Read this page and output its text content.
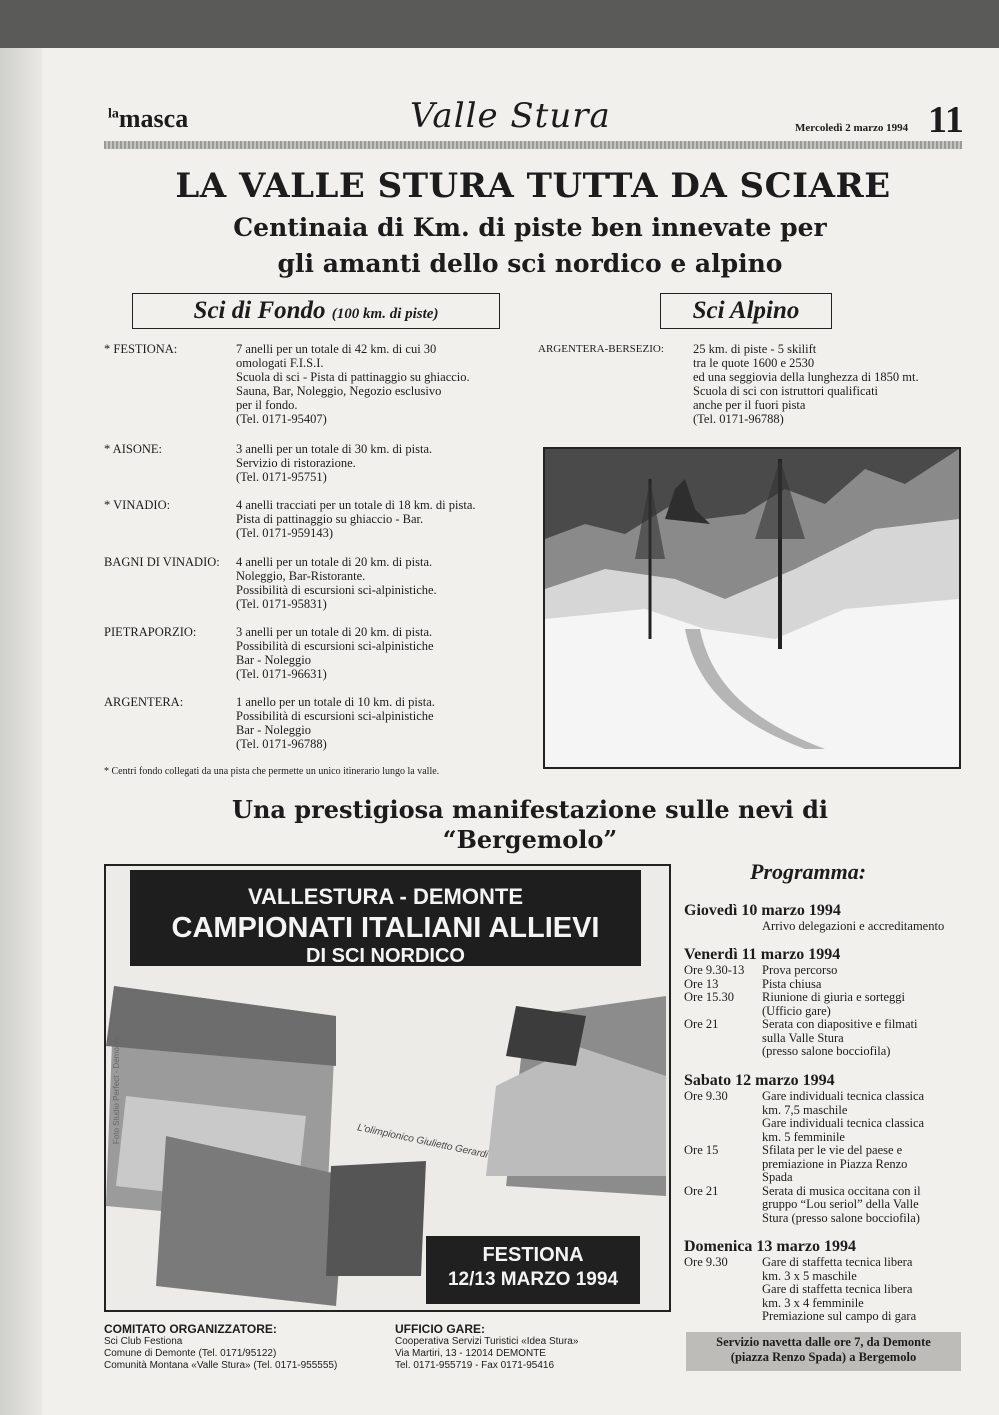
$^{la}$masca	Valle Stura	Mercoledì 2 marzo 1994 11
LA VALLE STURA TUTTA DA SCIARE
Centinaia di Km. di piste ben innevate per
gli amanti dello sci nordico e alpino
Sci di Fondo (100 km. di piste)	Sci Alpino
* FESTIONA:	7 anelli per un totale di 42 km. di cui 30
omologati F.I.S.I.
Scuola di sci - Pista di pattinaggio su ghiaccio.
Sauna, Bar, Noleggio, Negozio esclusivo
per il fondo.
(Tel. 0171-95407)
* AISONE:	3 anelli per un totale di 30 km. di pista.
Servizio di ristorazione.
(Tel. 0171-95751)
* VINADIO:	4 anelli tracciati per un totale di 18 km. di pista.
Pista di pattinaggio su ghiaccio - Bar.
(Tel. 0171-959143)
BAGNI DI VINADIO: 4 anelli per un totale di 20 km. di pista.
Noleggio, Bar-Ristorante.
Possibilità di escursioni sci-alpinistiche.
(Tel. 0171-95831)
PIETRAPORZIO:	3 anelli per un totale di 20 km. di pista.
Possibilità di escursioni sci-alpinistiche
Bar - Noleggio
(Tel. 0171-96631)
ARGENTERA:	1 anello per un totale di 10 km. di pista.
Possibilità di escursioni sci-alpinistiche
Bar - Noleggio
(Tel. 0171-96788)
* Centri fondo collegati da una pista che permette un unico itinerario lungo la valle.
ARGENTERA-BERSEZIO: 25 km. di piste - 5 skilift
tra le quote 1600 e 2530
ed una seggiovia della lunghezza di 1850 mt.
Scuola di sci con istruttori qualificati
anche per il fuori pista
(Tel. 0171-96788)
Una prestigiosa manifestazione sulle nevi di
“Bergemolo”
VALLESTURA - DEMONTE
CAMPIONATI ITALIANI ALLIEVI
DI SCI NORDICO
L'olimpionico Giulietto Gerardi
Foto Studio Perfect - Demonte
FESTIONA
12/13 MARZO 1994
Programma:
Giovedì 10 marzo 1994
Arrivo delegazioni e accreditamento
Venerdì 11 marzo 1994
Ore 9.30-13	Prova percorso
Ore 13	Pista chiusa
Ore 15.30	Riunione di giuria e sorteggi
(Ufficio gare)
Ore 21	Serata con diapositive e filmati
sulla Valle Stura
(presso salone bocciofila)
Sabato 12 marzo 1994
Ore 9.30	Gare individuali tecnica classica
km. 7,5 maschile
Gare individuali tecnica classica
km. 5 femminile
Ore 15	Sfilata per le vie del paese e
premiazione in Piazza Renzo
Spada
Ore 21	Serata di musica occitana con il
gruppo “Lou seriol” della Valle
Stura (presso salone bocciofila)
Domenica 13 marzo 1994
Ore 9.30	Gare di staffetta tecnica libera
km. 3 x 5 maschile
Gare di staffetta tecnica libera
km. 3 x 4 femminile
Premiazione sul campo di gara
COMITATO ORGANIZZATORE:
Sci Club Festiona
Comune di Demonte (Tel. 0171/95122)
Comunità Montana «Valle Stura» (Tel. 0171-955555)
UFFICIO GARE:
Cooperativa Servizi Turistici «Idea Stura»
Via Martiri, 13 - 12014 DEMONTE
Tel. 0171-955719 - Fax 0171-95416
Servizio navetta dalle ore 7, da Demonte
(piazza Renzo Spada) a Bergemolo
